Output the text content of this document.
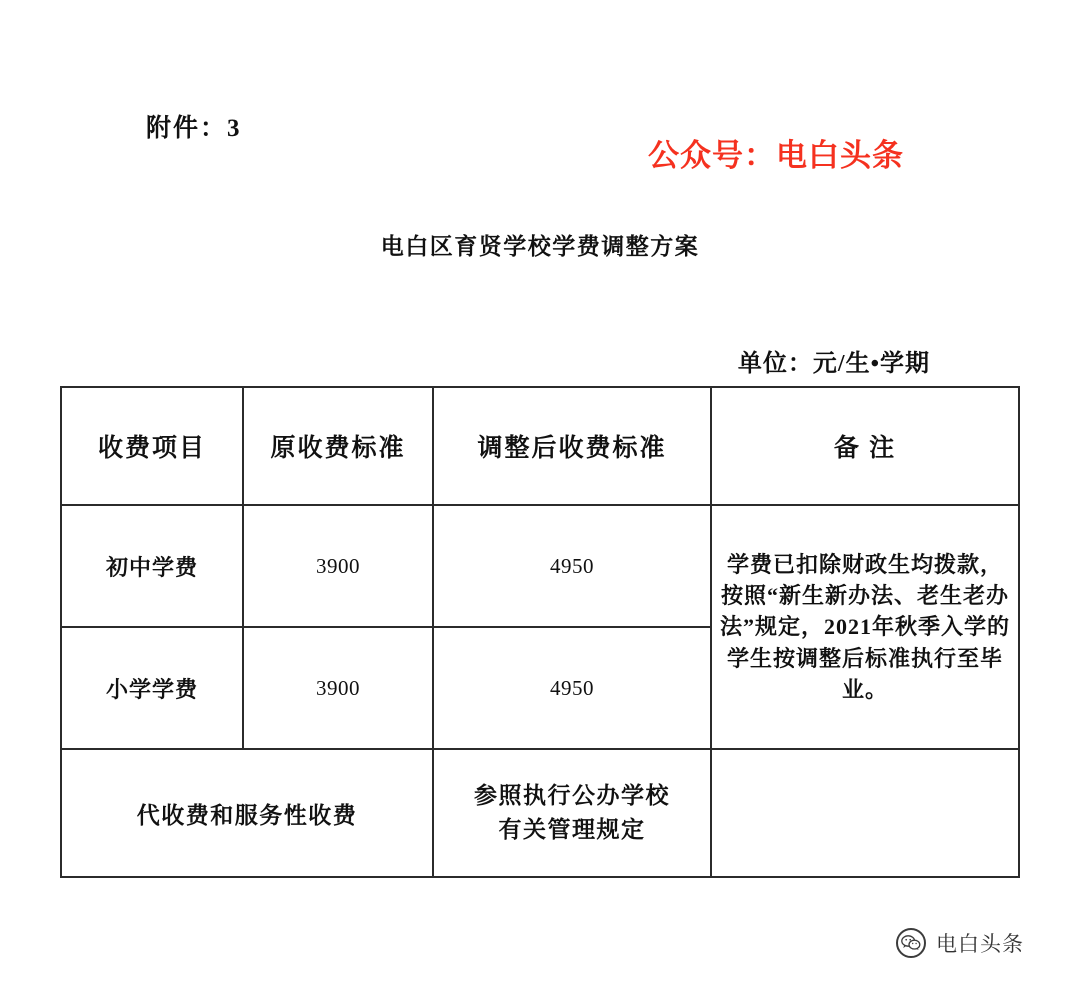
附件：3
公众号：电白头条
电白区育贤学校学费调整方案
单位：元/生•学期
收费项目	原收费标准	调整后收费标准	备 注
初中学费	3900	4950	学费已扣除财政生均拨款，按照“新生新办法、老生老办法”规定，2021年秋季入学的学生按调整后标准执行至毕业。
小学学费	3900	4950	
代收费和服务性收费		参照执行公办学校
有关管理规定	

电白头条
